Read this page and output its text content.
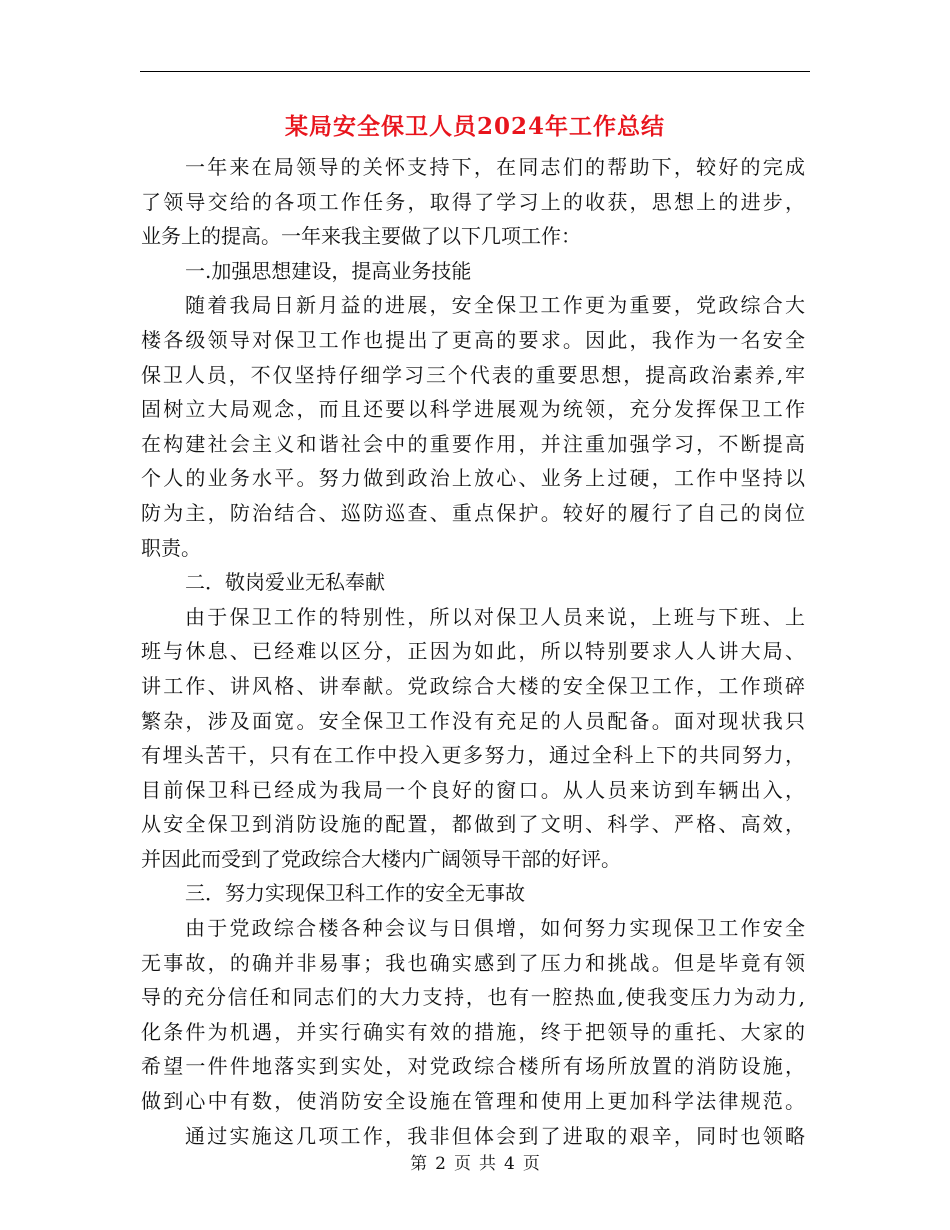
某局安全保卫人员2024年工作总结
一年来在局领导的关怀支持下，在同志们的帮助下，较好的完成
了领导交给的各项工作任务，取得了学习上的收获，思想上的进步，
业务上的提高。一年来我主要做了以下几项工作：
一.加强思想建设，提高业务技能
随着我局日新月益的进展，安全保卫工作更为重要，党政综合大
楼各级领导对保卫工作也提出了更高的要求。因此，我作为一名安全
保卫人员，不仅坚持仔细学习三个代表的重要思想，提高政治素养,牢
固树立大局观念，而且还要以科学进展观为统领，充分发挥保卫工作
在构建社会主义和谐社会中的重要作用，并注重加强学习，不断提高
个人的业务水平。努力做到政治上放心、业务上过硬，工作中坚持以
防为主，防治结合、巡防巡查、重点保护。较好的履行了自己的岗位
职责。
二．敬岗爱业无私奉献
由于保卫工作的特别性，所以对保卫人员来说，上班与下班、上
班与休息、已经难以区分，正因为如此，所以特别要求人人讲大局、
讲工作、讲风格、讲奉献。党政综合大楼的安全保卫工作，工作琐碎
繁杂，涉及面宽。安全保卫工作没有充足的人员配备。面对现状我只
有埋头苦干，只有在工作中投入更多努力，通过全科上下的共同努力，
目前保卫科已经成为我局一个良好的窗口。从人员来访到车辆出入，
从安全保卫到消防设施的配置，都做到了文明、科学、严格、高效，
并因此而受到了党政综合大楼内广阔领导干部的好评。
三．努力实现保卫科工作的安全无事故
由于党政综合楼各种会议与日俱增，如何努力实现保卫工作安全
无事故，的确并非易事；我也确实感到了压力和挑战。但是毕竟有领
导的充分信任和同志们的大力支持，也有一腔热血,使我变压力为动力,
化条件为机遇，并实行确实有效的措施，终于把领导的重托、大家的
希望一件件地落实到实处，对党政综合楼所有场所放置的消防设施，
做到心中有数，使消防安全设施在管理和使用上更加科学法律规范。
通过实施这几项工作，我非但体会到了进取的艰辛，同时也领略
第 2 页 共 4 页
